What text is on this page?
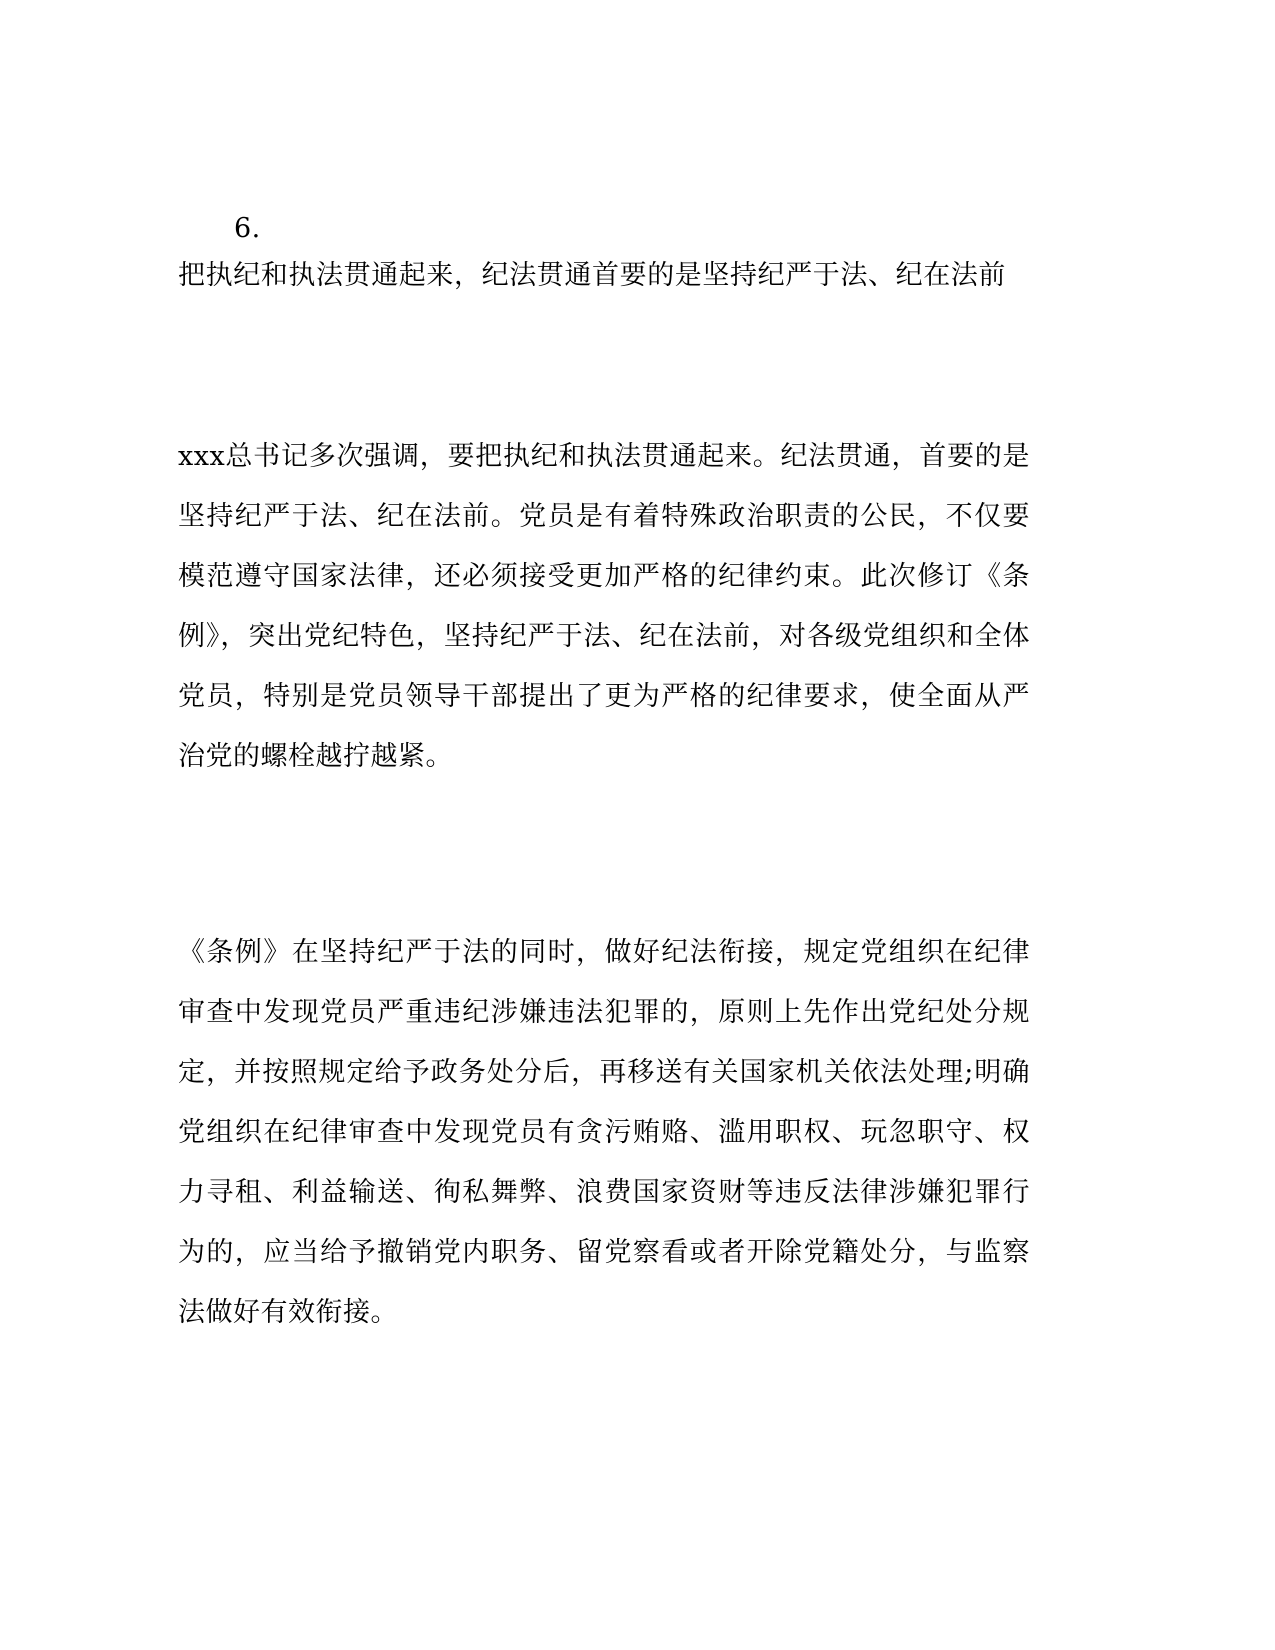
6.
把执纪和执法贯通起来，纪法贯通首要的是坚持纪严于法、纪在法前

xxx总书记多次强调，要把执纪和执法贯通起来。纪法贯通，首要的是坚持纪严于法、纪在法前。党员是有着特殊政治职责的公民，不仅要模范遵守国家法律，还必须接受更加严格的纪律约束。此次修订《条例》，突出党纪特色，坚持纪严于法、纪在法前，对各级党组织和全体党员，特别是党员领导干部提出了更为严格的纪律要求，使全面从严治党的螺栓越拧越紧。

《条例》在坚持纪严于法的同时，做好纪法衔接，规定党组织在纪律审查中发现党员严重违纪涉嫌违法犯罪的，原则上先作出党纪处分规定，并按照规定给予政务处分后，再移送有关国家机关依法处理;明确党组织在纪律审查中发现党员有贪污贿赂、滥用职权、玩忽职守、权力寻租、利益输送、徇私舞弊、浪费国家资财等违反法律涉嫌犯罪行为的，应当给予撤销党内职务、留党察看或者开除党籍处分，与监察法做好有效衔接。
